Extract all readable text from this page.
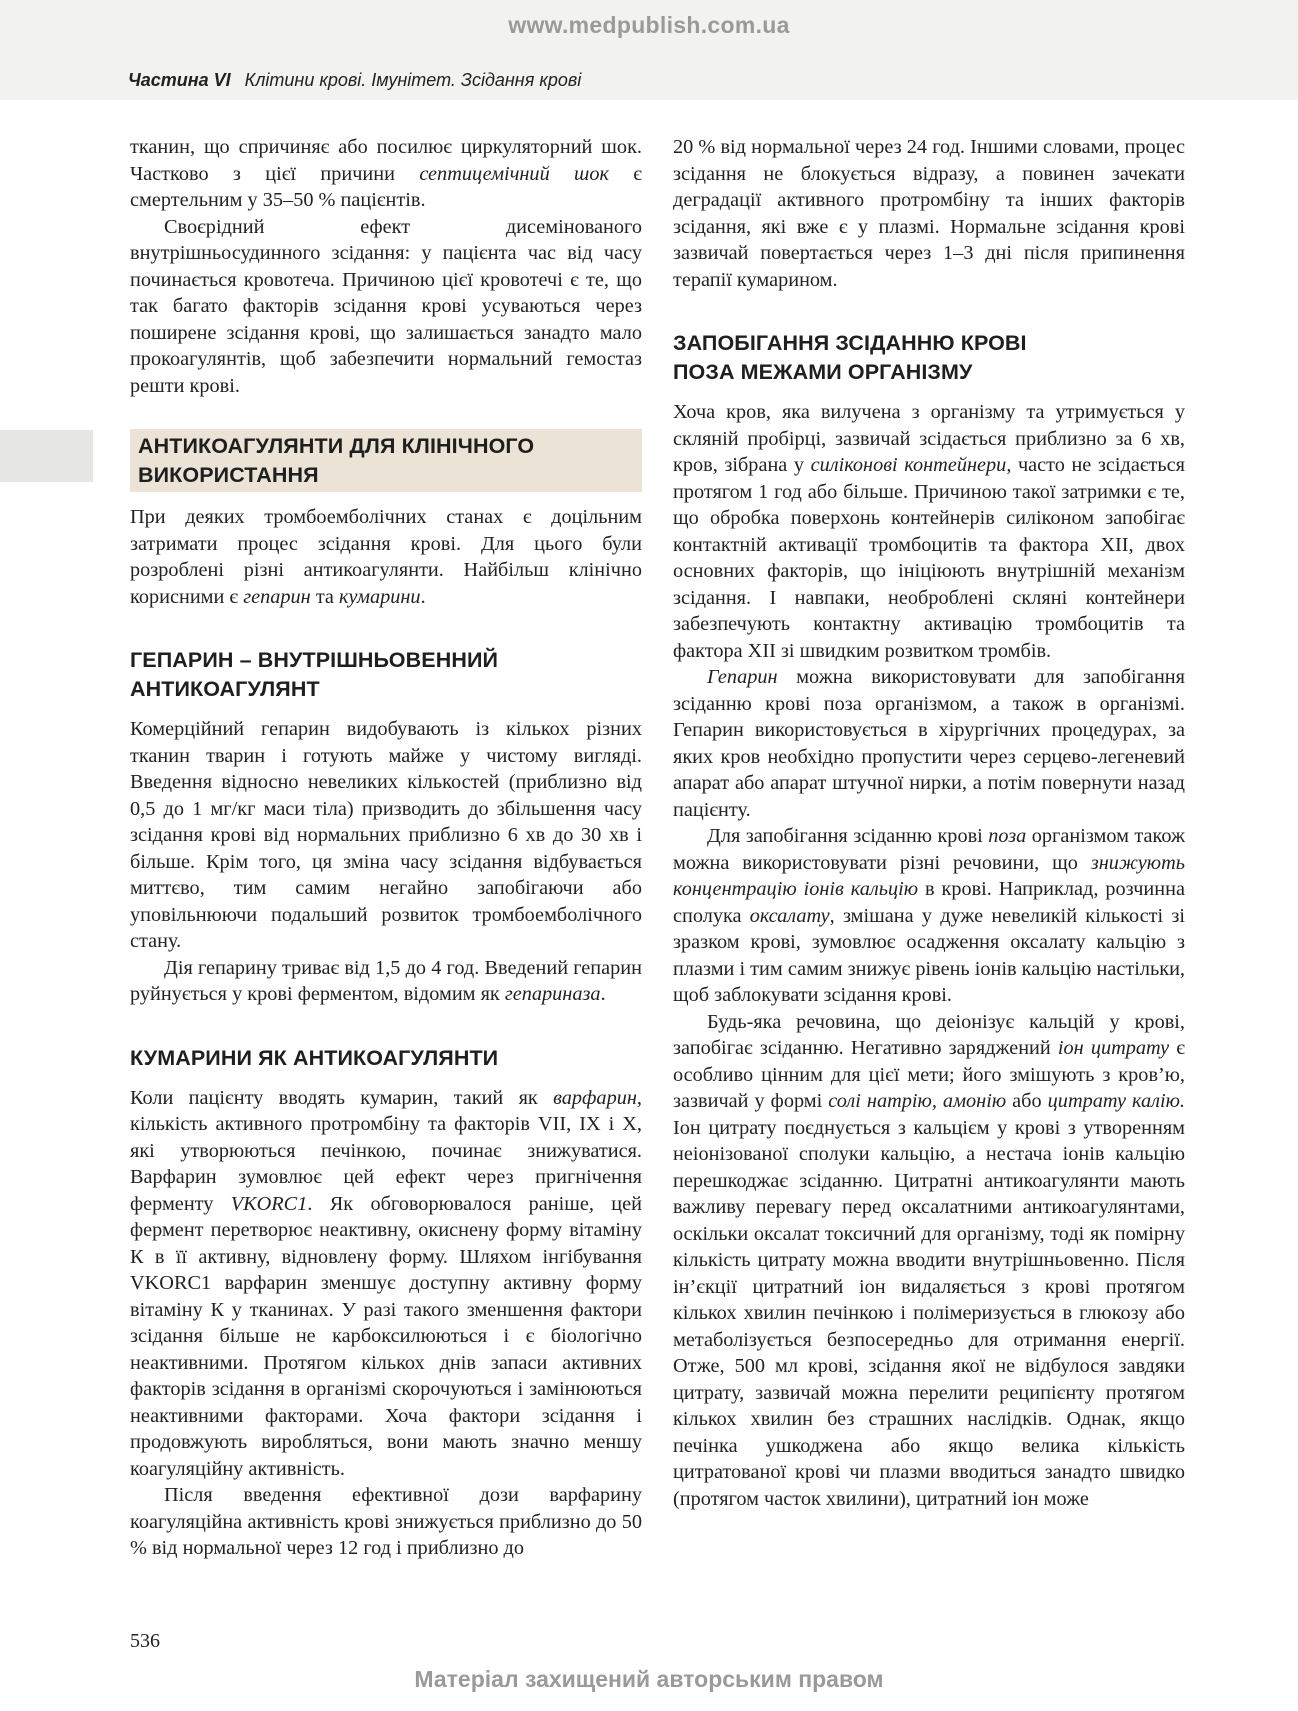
www.medpublish.com.ua
Частина VI Клітини крові. Імунітет. Зсідання крові

тканин, що спричиняє або посилює циркуляторний шок. Частково з цієї причини септицемічний шок є смертельним у 35–50 % пацієнтів.

Своєрідний ефект дисемінованого внутрішньосудинного зсідання: у пацієнта час від часу починається кровотеча. Причиною цієї кровотечі є те, що так багато факторів зсідання крові усуваються через поширене зсідання крові, що залишається занадто мало прокоагулянтів, щоб забезпечити нормальний гемостаз решти крові.

АНТИКОАГУЛЯНТИ ДЛЯ КЛІНІЧНОГО
ВИКОРИСТАННЯ

При деяких тромбоемболічних станах є доцільним затримати процес зсідання крові. Для цього були розроблені різні антикоагулянти. Найбільш клінічно корисними є гепарин та кумарини.

ГЕПАРИН – ВНУТРІШНЬОВЕННИЙ
АНТИКОАГУЛЯНТ

Комерційний гепарин видобувають із кількох різних тканин тварин і готують майже у чистому вигляді. Введення відносно невеликих кількостей (приблизно від 0,5 до 1 мг/кг маси тіла) призводить до збільшення часу зсідання крові від нормальних приблизно 6 хв до 30 хв і більше. Крім того, ця зміна часу зсідання відбувається миттєво, тим самим негайно запобігаючи або уповільнюючи подальший розвиток тромбоемболічного стану.

Дія гепарину триває від 1,5 до 4 год. Введений гепарин руйнується у крові ферментом, відомим як гепариназа.

КУМАРИНИ ЯК АНТИКОАГУЛЯНТИ

Коли пацієнту вводять кумарин, такий як варфарин, кількість активного протромбіну та факторів VII, IX і X, які утворюються печінкою, починає знижуватися. Варфарин зумовлює цей ефект через пригнічення ферменту VKORC1. Як обговорювалося раніше, цей фермент перетворює неактивну, окиснену форму вітаміну К в її активну, відновлену форму. Шляхом інгібування VKORC1 варфарин зменшує доступну активну форму вітаміну К у тканинах. У разі такого зменшення фактори зсідання більше не карбоксилюються і є біологічно неактивними. Протягом кількох днів запаси активних факторів зсідання в організмі скорочуються і замінюються неактивними факторами. Хоча фактори зсідання і продовжують виробляться, вони мають значно меншу коагуляційну активність.

Після введення ефективної дози варфарину коагуляційна активність крові знижується приблизно до 50 % від нормальної через 12 год і приблизно до

20 % від нормальної через 24 год. Іншими словами, процес зсідання не блокується відразу, а повинен зачекати деградації активного протромбіну та інших факторів зсідання, які вже є у плазмі. Нормальне зсідання крові зазвичай повертається через 1–3 дні після припинення терапії кумарином.

ЗАПОБІГАННЯ ЗСІДАННЮ КРОВІ
ПОЗА МЕЖАМИ ОРГАНІЗМУ

Хоча кров, яка вилучена з організму та утримується у скляній пробірці, зазвичай зсідається приблизно за 6 хв, кров, зібрана у силіконові контейнери, часто не зсідається протягом 1 год або більше. Причиною такої затримки є те, що обробка поверхонь контейнерів силіконом запобігає контактній активації тромбоцитів та фактора XII, двох основних факторів, що ініціюють внутрішній механізм зсідання. І навпаки, необроблені скляні контейнери забезпечують контактну активацію тромбоцитів та фактора XII зі швидким розвитком тромбів.

Гепарин можна використовувати для запобігання зсіданню крові поза організмом, а також в організмі. Гепарин використовується в хірургічних процедурах, за яких кров необхідно пропустити через серцево-легеневий апарат або апарат штучної нирки, а потім повернути назад пацієнту.

Для запобігання зсіданню крові поза організмом також можна використовувати різні речовини, що знижують концентрацію іонів кальцію в крові. Наприклад, розчинна сполука оксалату, змішана у дуже невеликій кількості зі зразком крові, зумовлює осадження оксалату кальцію з плазми і тим самим знижує рівень іонів кальцію настільки, щоб заблокувати зсідання крові.

Будь-яка речовина, що деіонізує кальцій у крові, запобігає зсіданню. Негативно заряджений іон цитрату є особливо цінним для цієї мети; його змішують з кров’ю, зазвичай у формі солі натрію, амонію або цитрату калію. Іон цитрату поєднується з кальцієм у крові з утворенням неіонізованої сполуки кальцію, а нестача іонів кальцію перешкоджає зсіданню. Цитратні антикоагулянти мають важливу перевагу перед оксалатними антикоагулянтами, оскільки оксалат токсичний для організму, тоді як помірну кількість цитрату можна вводити внутрішньовенно. Після ін’єкції цитратний іон видаляється з крові протягом кількох хвилин печінкою і полімеризується в глюкозу або метаболізується безпосередньо для отримання енергії. Отже, 500 мл крові, зсідання якої не відбулося завдяки цитрату, зазвичай можна перелити реципієнту протягом кількох хвилин без страшних наслідків. Однак, якщо печінка ушкоджена або якщо велика кількість цитратованої крові чи плазми вводиться занадто швидко (протягом часток хвилини), цитратний іон може

536
Матеріал захищений авторським правом
